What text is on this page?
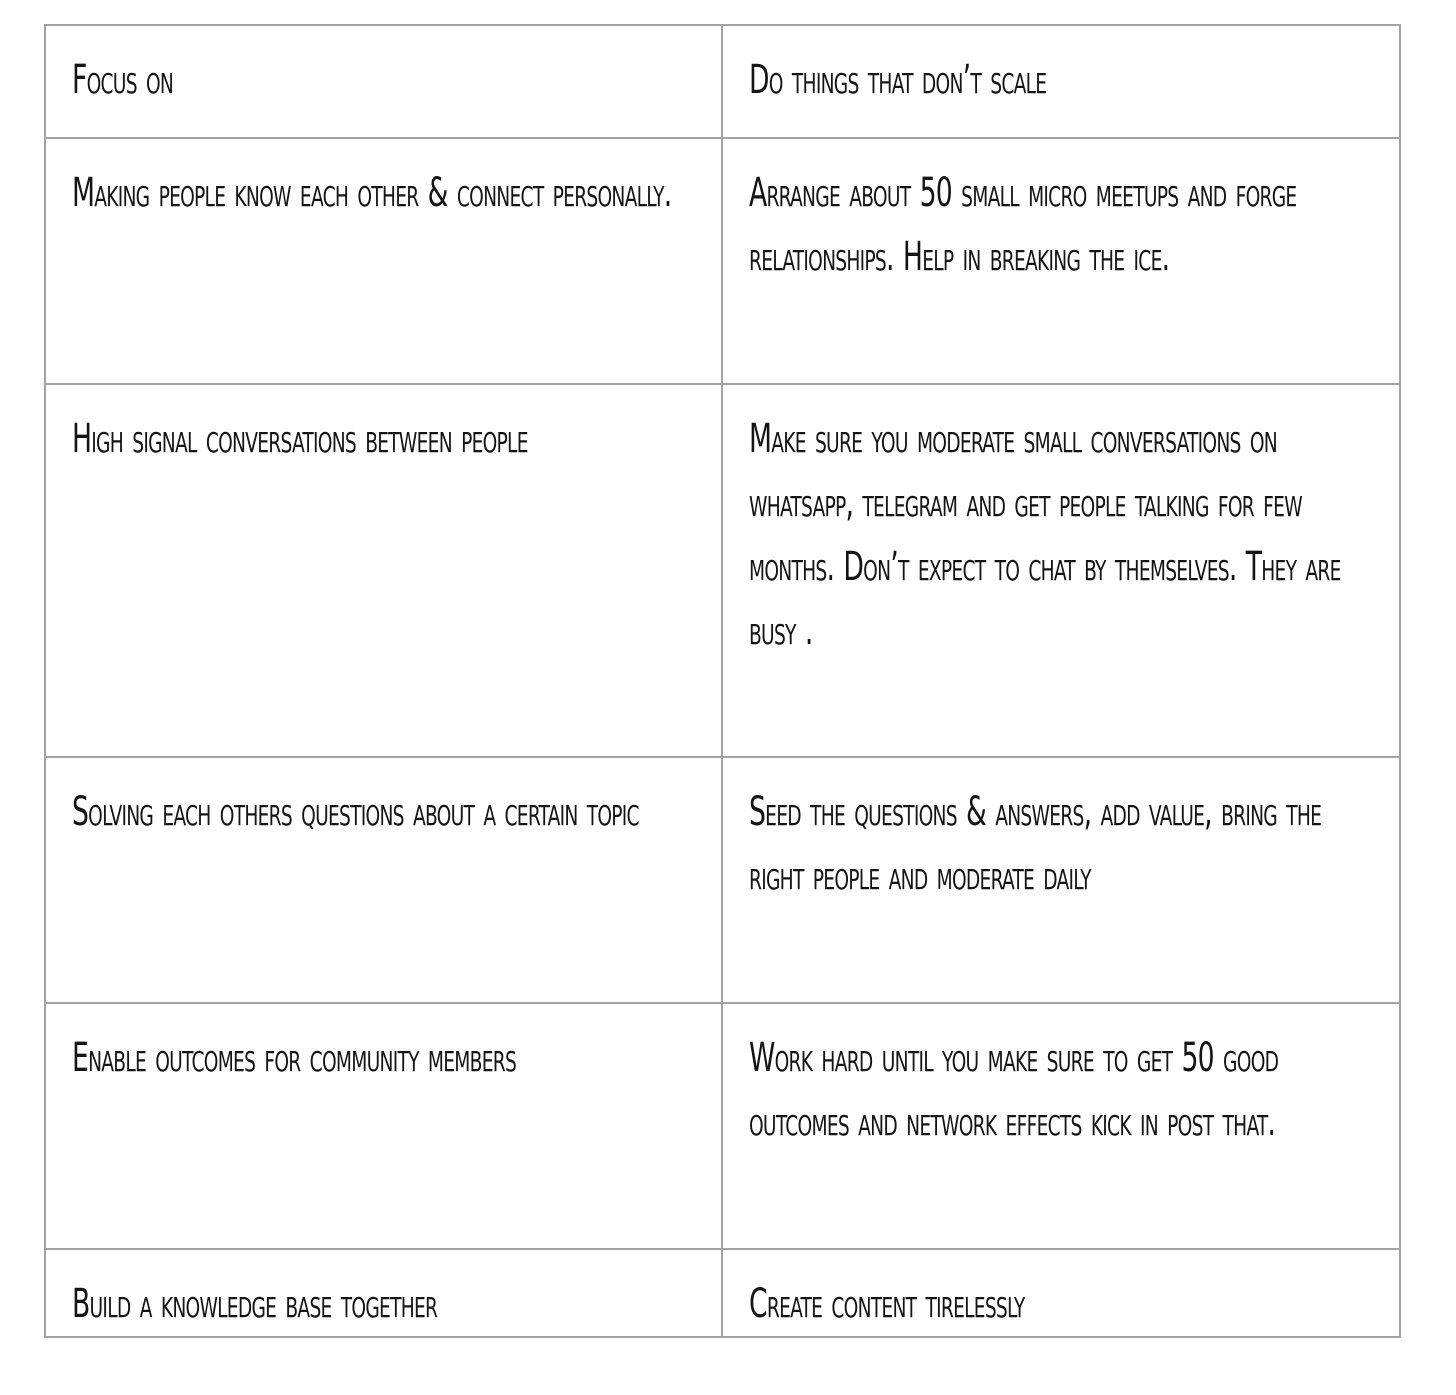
Focus on	Do things that don’t scale

Making people know each other & connect personally.	Arrange about 50 small micro meetups and forge relationships. Help in breaking the ice.

High signal conversations between people	Make sure you moderate small conversations on whatsapp, telegram and get people talking for few months. Don’t expect to chat by themselves. They are busy .

Solving each others questions about a certain topic	Seed the questions & answers, add value, bring the right people and moderate daily

Enable outcomes for community members	Work hard until you make sure to get 50 good outcomes and network effects kick in post that.

Build a knowledge base together	Create content tirelessly
